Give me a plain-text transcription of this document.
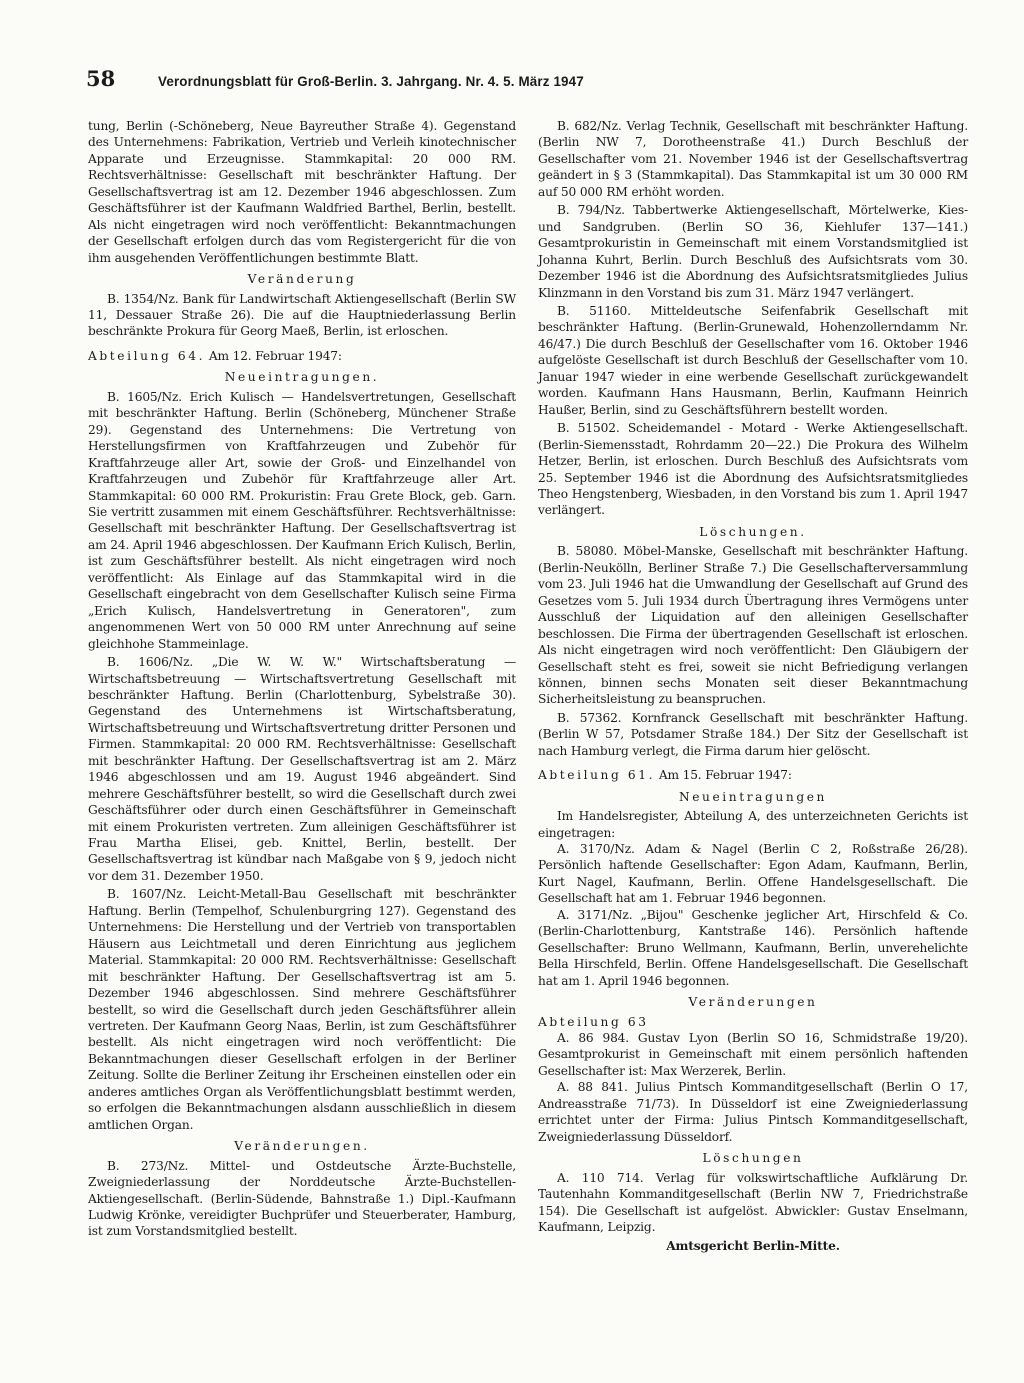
58	Verordnungsblatt für Groß-Berlin. 3. Jahrgang. Nr. 4. 5. März 1947

tung, Berlin (-Schöneberg, Neue Bayreuther Straße 4). Gegenstand des Unternehmens: Fabrikation, Vertrieb und Verleih kinotechnischer Apparate und Erzeugnisse. Stammkapital: 20 000 RM. Rechtsverhältnisse: Gesellschaft mit beschränkter Haftung. Der Gesellschaftsvertrag ist am 12. Dezember 1946 abgeschlossen. Zum Geschäftsführer ist der Kaufmann Waldfried Barthel, Berlin, bestellt. Als nicht eingetragen wird noch veröffentlicht: Bekanntmachungen der Gesellschaft erfolgen durch das vom Registergericht für die von ihm ausgehenden Veröffentlichungen bestimmte Blatt.

Veränderung

B. 1354/Nz. Bank für Landwirtschaft Aktiengesellschaft (Berlin SW 11, Dessauer Straße 26). Die auf die Hauptniederlassung Berlin beschränkte Prokura für Georg Maeß, Berlin, ist erloschen.

Abteilung 64. Am 12. Februar 1947:

Neueintragungen.

B. 1605/Nz. Erich Kulisch — Handelsvertretungen, Gesellschaft mit beschränkter Haftung. Berlin (Schöneberg, Münchener Straße 29). Gegenstand des Unternehmens: Die Vertretung von Herstellungsfirmen von Kraftfahrzeugen und Zubehör für Kraftfahrzeuge aller Art, sowie der Groß- und Einzelhandel von Kraftfahrzeugen und Zubehör für Kraftfahrzeuge aller Art. Stammkapital: 60 000 RM. Prokuristin: Frau Grete Block, geb. Garn. Sie vertritt zusammen mit einem Geschäftsführer. Rechtsverhältnisse: Gesellschaft mit beschränkter Haftung. Der Gesellschaftsvertrag ist am 24. April 1946 abgeschlossen. Der Kaufmann Erich Kulisch, Berlin, ist zum Geschäftsführer bestellt. Als nicht eingetragen wird noch veröffentlicht: Als Einlage auf das Stammkapital wird in die Gesellschaft eingebracht von dem Gesellschafter Kulisch seine Firma „Erich Kulisch, Handelsvertretung in Generatoren", zum angenommenen Wert von 50 000 RM unter Anrechnung auf seine gleichhohe Stammeinlage.

B. 1606/Nz. „Die W. W. W." Wirtschaftsberatung — Wirtschaftsbetreuung — Wirtschaftsvertretung Gesellschaft mit beschränkter Haftung. Berlin (Charlottenburg, Sybelstraße 30). Gegenstand des Unternehmens ist Wirtschaftsberatung, Wirtschaftsbetreuung und Wirtschaftsvertretung dritter Personen und Firmen. Stammkapital: 20 000 RM. Rechtsverhältnisse: Gesellschaft mit beschränkter Haftung. Der Gesellschaftsvertrag ist am 2. März 1946 abgeschlossen und am 19. August 1946 abgeändert. Sind mehrere Geschäftsführer bestellt, so wird die Gesellschaft durch zwei Geschäftsführer oder durch einen Geschäftsführer in Gemeinschaft mit einem Prokuristen vertreten. Zum alleinigen Geschäftsführer ist Frau Martha Elisei, geb. Knittel, Berlin, bestellt. Der Gesellschaftsvertrag ist kündbar nach Maßgabe von § 9, jedoch nicht vor dem 31. Dezember 1950.

B. 1607/Nz. Leicht-Metall-Bau Gesellschaft mit beschränkter Haftung. Berlin (Tempelhof, Schulenburgring 127). Gegenstand des Unternehmens: Die Herstellung und der Vertrieb von transportablen Häusern aus Leichtmetall und deren Einrichtung aus jeglichem Material. Stammkapital: 20 000 RM. Rechtsverhältnisse: Gesellschaft mit beschränkter Haftung. Der Gesellschaftsvertrag ist am 5. Dezember 1946 abgeschlossen. Sind mehrere Geschäftsführer bestellt, so wird die Gesellschaft durch jeden Geschäftsführer allein vertreten. Der Kaufmann Georg Naas, Berlin, ist zum Geschäftsführer bestellt. Als nicht eingetragen wird noch veröffentlicht: Die Bekanntmachungen dieser Gesellschaft erfolgen in der Berliner Zeitung. Sollte die Berliner Zeitung ihr Erscheinen einstellen oder ein anderes amtliches Organ als Veröffentlichungsblatt bestimmt werden, so erfolgen die Bekanntmachungen alsdann ausschließlich in diesem amtlichen Organ.

Veränderungen.

B. 273/Nz. Mittel- und Ostdeutsche Ärzte-Buchstelle, Zweigniederlassung der Norddeutsche Ärzte-Buchstellen-Aktiengesellschaft. (Berlin-Südende, Bahnstraße 1.) Dipl.-Kaufmann Ludwig Krönke, vereidigter Buchprüfer und Steuerberater, Hamburg, ist zum Vorstandsmitglied bestellt.

B. 682/Nz. Verlag Technik, Gesellschaft mit beschränkter Haftung. (Berlin NW 7, Dorotheenstraße 41.) Durch Beschluß der Gesellschafter vom 21. November 1946 ist der Gesellschaftsvertrag geändert in § 3 (Stammkapital). Das Stammkapital ist um 30 000 RM auf 50 000 RM erhöht worden.

B. 794/Nz. Tabbertwerke Aktiengesellschaft, Mörtelwerke, Kies- und Sandgruben. (Berlin SO 36, Kiehlufer 137—141.) Gesamtprokuristin in Gemeinschaft mit einem Vorstandsmitglied ist Johanna Kuhrt, Berlin. Durch Beschluß des Aufsichtsrats vom 30. Dezember 1946 ist die Abordnung des Aufsichtsratsmitgliedes Julius Klinzmann in den Vorstand bis zum 31. März 1947 verlängert.

B. 51160. Mitteldeutsche Seifenfabrik Gesellschaft mit beschränkter Haftung. (Berlin-Grunewald, Hohenzollerndamm Nr. 46/47.) Die durch Beschluß der Gesellschafter vom 16. Oktober 1946 aufgelöste Gesellschaft ist durch Beschluß der Gesellschafter vom 10. Januar 1947 wieder in eine werbende Gesellschaft zurückgewandelt worden. Kaufmann Hans Hausmann, Berlin, Kaufmann Heinrich Haußer, Berlin, sind zu Geschäftsführern bestellt worden.

B. 51502. Scheidemandel - Motard - Werke Aktiengesellschaft. (Berlin-Siemensstadt, Rohrdamm 20—22.) Die Prokura des Wilhelm Hetzer, Berlin, ist erloschen. Durch Beschluß des Aufsichtsrats vom 25. September 1946 ist die Abordnung des Aufsichtsratsmitgliedes Theo Hengstenberg, Wiesbaden, in den Vorstand bis zum 1. April 1947 verlängert.

Löschungen.

B. 58080. Möbel-Manske, Gesellschaft mit beschränkter Haftung. (Berlin-Neukölln, Berliner Straße 7.) Die Gesellschafterversammlung vom 23. Juli 1946 hat die Umwandlung der Gesellschaft auf Grund des Gesetzes vom 5. Juli 1934 durch Übertragung ihres Vermögens unter Ausschluß der Liquidation auf den alleinigen Gesellschafter beschlossen. Die Firma der übertragenden Gesellschaft ist erloschen. Als nicht eingetragen wird noch veröffentlicht: Den Gläubigern der Gesellschaft steht es frei, soweit sie nicht Befriedigung verlangen können, binnen sechs Monaten seit dieser Bekanntmachung Sicherheitsleistung zu beanspruchen.

B. 57362. Kornfranck Gesellschaft mit beschränkter Haftung. (Berlin W 57, Potsdamer Straße 184.) Der Sitz der Gesellschaft ist nach Hamburg verlegt, die Firma darum hier gelöscht.

Abteilung 61. Am 15. Februar 1947:

Neueintragungen

Im Handelsregister, Abteilung A, des unterzeichneten Gerichts ist eingetragen:

A. 3170/Nz. Adam & Nagel (Berlin C 2, Roßstraße 26/28). Persönlich haftende Gesellschafter: Egon Adam, Kaufmann, Berlin, Kurt Nagel, Kaufmann, Berlin. Offene Handelsgesellschaft. Die Gesellschaft hat am 1. Februar 1946 begonnen.

A. 3171/Nz. „Bijou" Geschenke jeglicher Art, Hirschfeld & Co. (Berlin-Charlottenburg, Kantstraße 146). Persönlich haftende Gesellschafter: Bruno Wellmann, Kaufmann, Berlin, unverehelichte Bella Hirschfeld, Berlin. Offene Handelsgesellschaft. Die Gesellschaft hat am 1. April 1946 begonnen.

Veränderungen

Abteilung 63

A. 86 984. Gustav Lyon (Berlin SO 16, Schmidstraße 19/20). Gesamtprokurist in Gemeinschaft mit einem persönlich haftenden Gesellschafter ist: Max Werzerek, Berlin.

A. 88 841. Julius Pintsch Kommanditgesellschaft (Berlin O 17, Andreasstraße 71/73). In Düsseldorf ist eine Zweigniederlassung errichtet unter der Firma: Julius Pintsch Kommanditgesellschaft, Zweigniederlassung Düsseldorf.

Löschungen

A. 110 714. Verlag für volkswirtschaftliche Aufklärung Dr. Tautenhahn Kommanditgesellschaft (Berlin NW 7, Friedrichstraße 154). Die Gesellschaft ist aufgelöst. Abwickler: Gustav Enselmann, Kaufmann, Leipzig.

Amtsgericht Berlin-Mitte.
